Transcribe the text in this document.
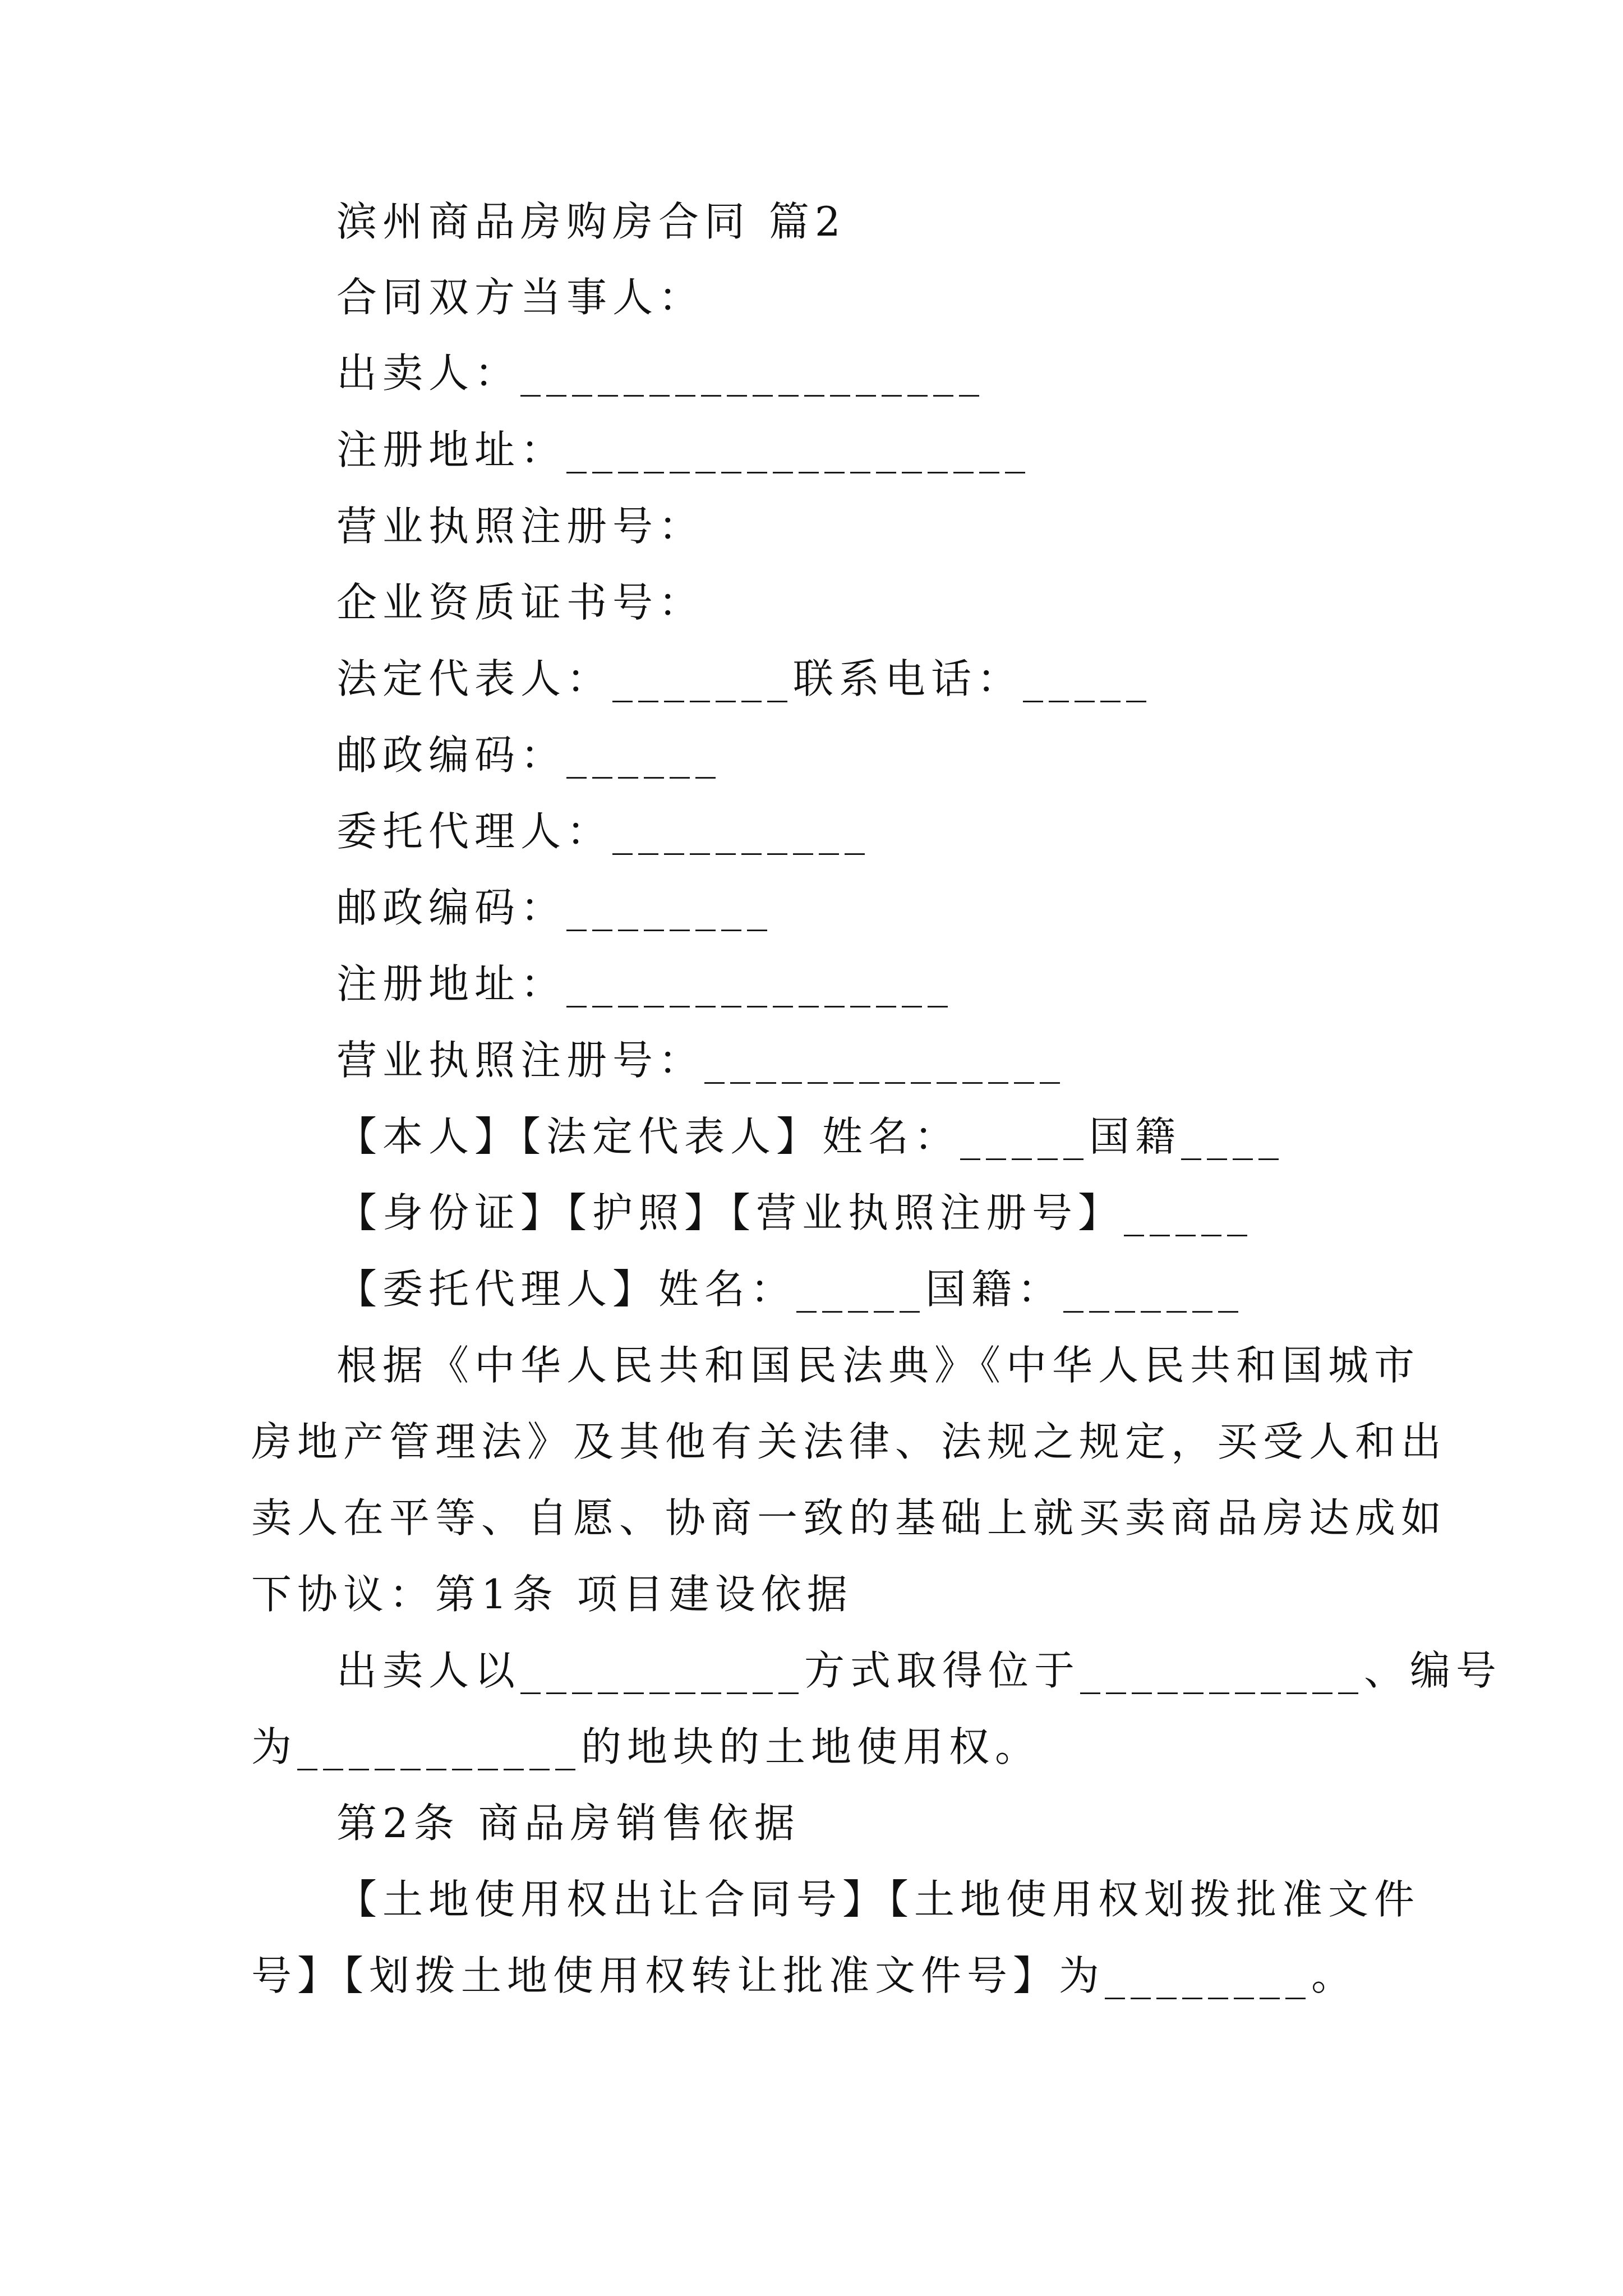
滨州商品房购房合同 篇2
合同双方当事人：
出卖人：__________________
注册地址：__________________
营业执照注册号：
企业资质证书号：
法定代表人：_______联系电话：_____
邮政编码：______
委托代理人：__________
邮政编码：________
注册地址：_______________
营业执照注册号：______________
【本人】【法定代表人】姓名：_____国籍____
【身份证】【护照】【营业执照注册号】_____
【委托代理人】姓名：_____国籍：_______
根据《中华人民共和国民法典》《中华人民共和国城市
房地产管理法》及其他有关法律、法规之规定，买受人和出
卖人在平等、自愿、协商一致的基础上就买卖商品房达成如
下协议：第1条 项目建设依据
出卖人以___________方式取得位于___________、编号
为___________的地块的土地使用权。
第2条 商品房销售依据
【土地使用权出让合同号】【土地使用权划拨批准文件
号】【划拨土地使用权转让批准文件号】为________。
